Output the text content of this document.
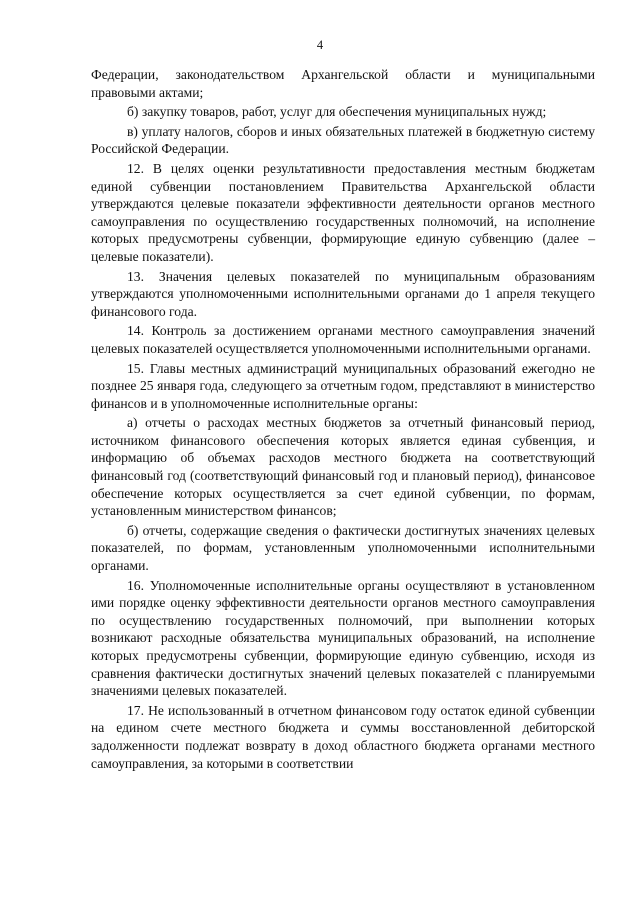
4

Федерации, законодательством Архангельской области и муниципальными правовыми актами;

б) закупку товаров, работ, услуг для обеспечения муниципальных нужд;

в) уплату налогов, сборов и иных обязательных платежей в бюджетную систему Российской Федерации.

12. В целях оценки результативности предоставления местным бюджетам единой субвенции постановлением Правительства Архангельской области утверждаются целевые показатели эффективности деятельности органов местного самоуправления по осуществлению государственных полномочий, на исполнение которых предусмотрены субвенции, формирующие единую субвенцию (далее – целевые показатели).

13. Значения целевых показателей по муниципальным образованиям утверждаются уполномоченными исполнительными органами до 1 апреля текущего финансового года.

14. Контроль за достижением органами местного самоуправления значений целевых показателей осуществляется уполномоченными исполнительными органами.

15. Главы местных администраций муниципальных образований ежегодно не позднее 25 января года, следующего за отчетным годом, представляют в министерство финансов и в уполномоченные исполнительные органы:

а) отчеты о расходах местных бюджетов за отчетный финансовый период, источником финансового обеспечения которых является единая субвенция, и информацию об объемах расходов местного бюджета на соответствующий финансовый год (соответствующий финансовый год и плановый период), финансовое обеспечение которых осуществляется за счет единой субвенции, по формам, установленным министерством финансов;

б) отчеты, содержащие сведения о фактически достигнутых значениях целевых показателей, по формам, установленным уполномоченными исполнительными органами.

16. Уполномоченные исполнительные органы осуществляют в установленном ими порядке оценку эффективности деятельности органов местного самоуправления по осуществлению государственных полномочий, при выполнении которых возникают расходные обязательства муниципальных образований, на исполнение которых предусмотрены субвенции, формирующие единую субвенцию, исходя из сравнения фактически достигнутых значений целевых показателей с планируемыми значениями целевых показателей.

17. Не использованный в отчетном финансовом году остаток единой субвенции на едином счете местного бюджета и суммы восстановленной дебиторской задолженности подлежат возврату в доход областного бюджета органами местного самоуправления, за которыми в соответствии
